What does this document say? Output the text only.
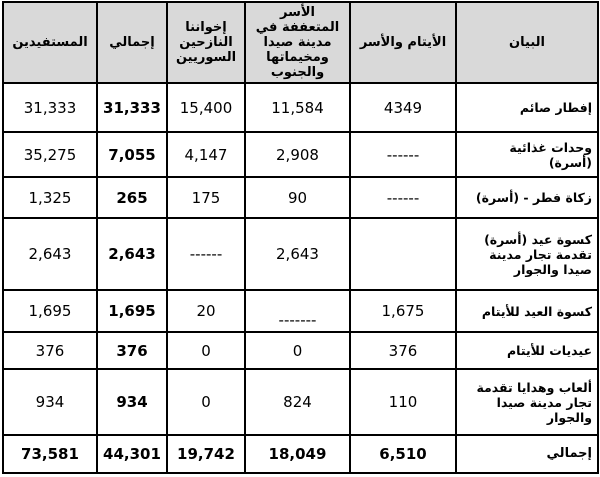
البيان	الأيتام والأسر	الأسر المتعففة في مدينة صيدا ومخيماتها والجنوب	إخواننا النازحين السوريين	إجمالي	المستفيدين
إفطار صائم	4349	11,584	15,400	31,333	31,333
وحدات غذائية (أسرة)	------	2,908	4,147	7,055	35,275
زكاة فطر - (أسرة)	------	90	175	265	1,325
كسوة عيد (أسرة) تقدمة تجار مدينة صيدا والجوار		2,643	------	2,643	2,643
كسوة العيد للأيتام	1,675	-------	20	1,695	1,695
عيديات للأيتام	376	0	0	376	376
ألعاب وهدايا تقدمة تجار مدينة صيدا والجوار	110	824	0	934	934
إجمالي	6,510	18,049	19,742	44,301	73,581
